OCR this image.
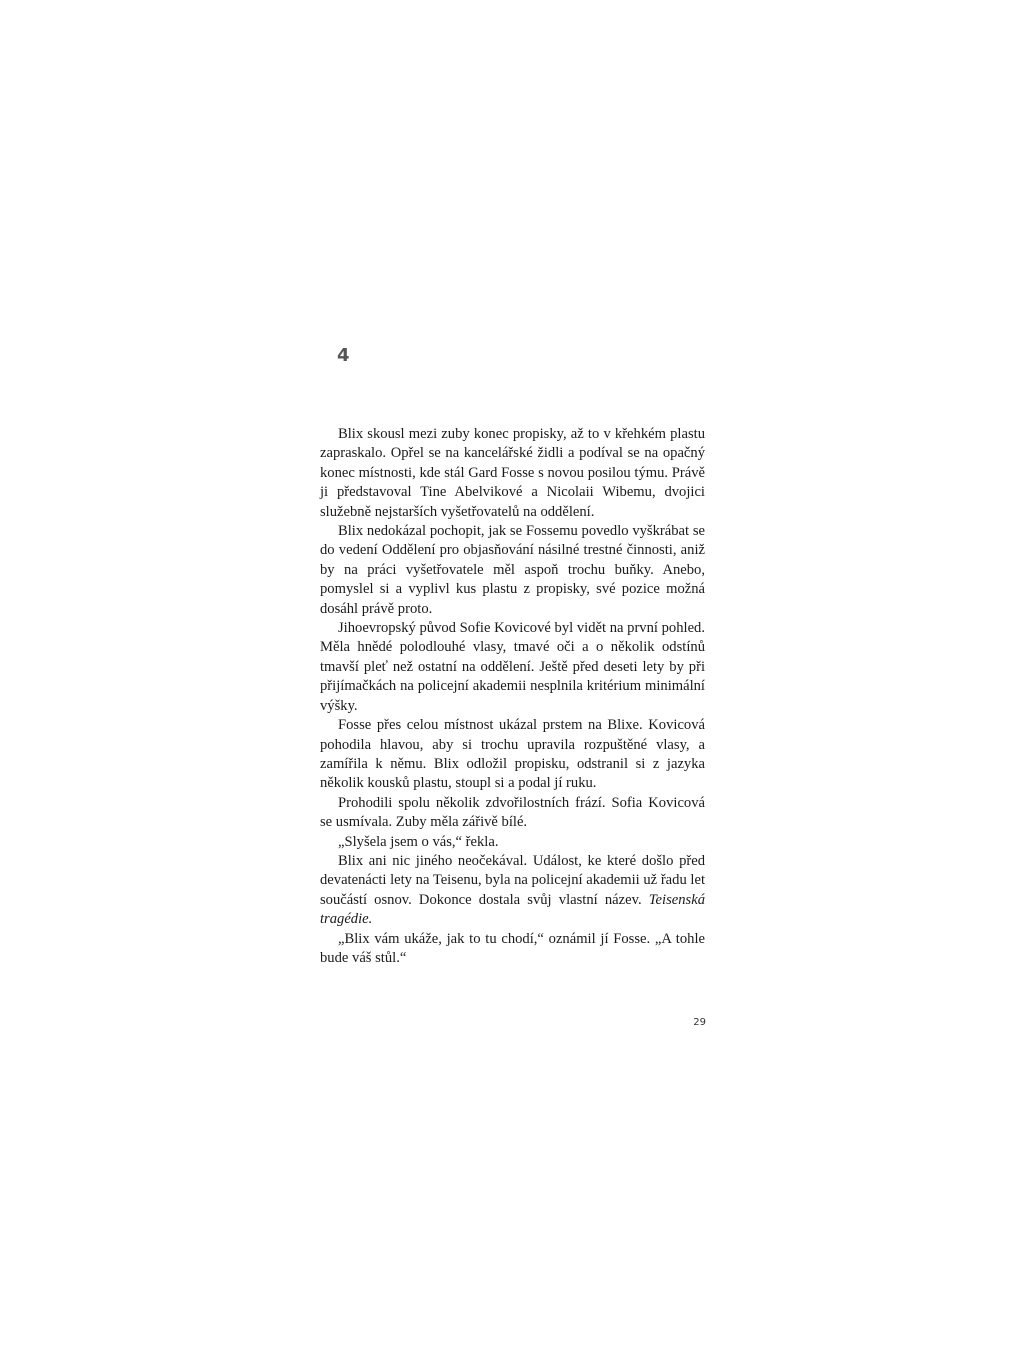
4

Blix skousl mezi zuby konec propisky, až to v křehkém plastu zapraskalo. Opřel se na kancelářské židli a podíval se na opačný konec místnosti, kde stál Gard Fosse s novou posilou týmu. Právě ji představoval Tine Abelvikové a Nicolaii Wibemu, dvojici služebně nejstarších vyšetřovatelů na oddělení.

Blix nedokázal pochopit, jak se Fossemu povedlo vyškrábat se do vedení Oddělení pro objasňování násilné trestné činnosti, aniž by na práci vyšetřovatele měl aspoň trochu buňky. Anebo, pomyslel si a vyplivl kus plastu z propisky, své pozice možná dosáhl právě proto.

Jihoevropský původ Sofie Kovicové byl vidět na první pohled. Měla hnědé polodlouhé vlasy, tmavé oči a o několik odstínů tmavší pleť než ostatní na oddělení. Ještě před deseti lety by při přijímačkách na policejní akademii nesplnila kritérium minimální výšky.

Fosse přes celou místnost ukázal prstem na Blixe. Kovicová pohodila hlavou, aby si trochu upravila rozpuštěné vlasy, a zamířila k němu. Blix odložil propisku, odstranil si z jazyka několik kousků plastu, stoupl si a podal jí ruku.

Prohodili spolu několik zdvořilostních frází. Sofia Kovicová se usmívala. Zuby měla zářivě bílé.

„Slyšela jsem o vás,“ řekla.

Blix ani nic jiného neočekával. Událost, ke které došlo před devatenácti lety na Teisenu, byla na policejní akademii už řadu let součástí osnov. Dokonce dostala svůj vlastní název. Teisenská tragédie.

„Blix vám ukáže, jak to tu chodí,“ oznámil jí Fosse. „A tohle bude váš stůl.“

29
